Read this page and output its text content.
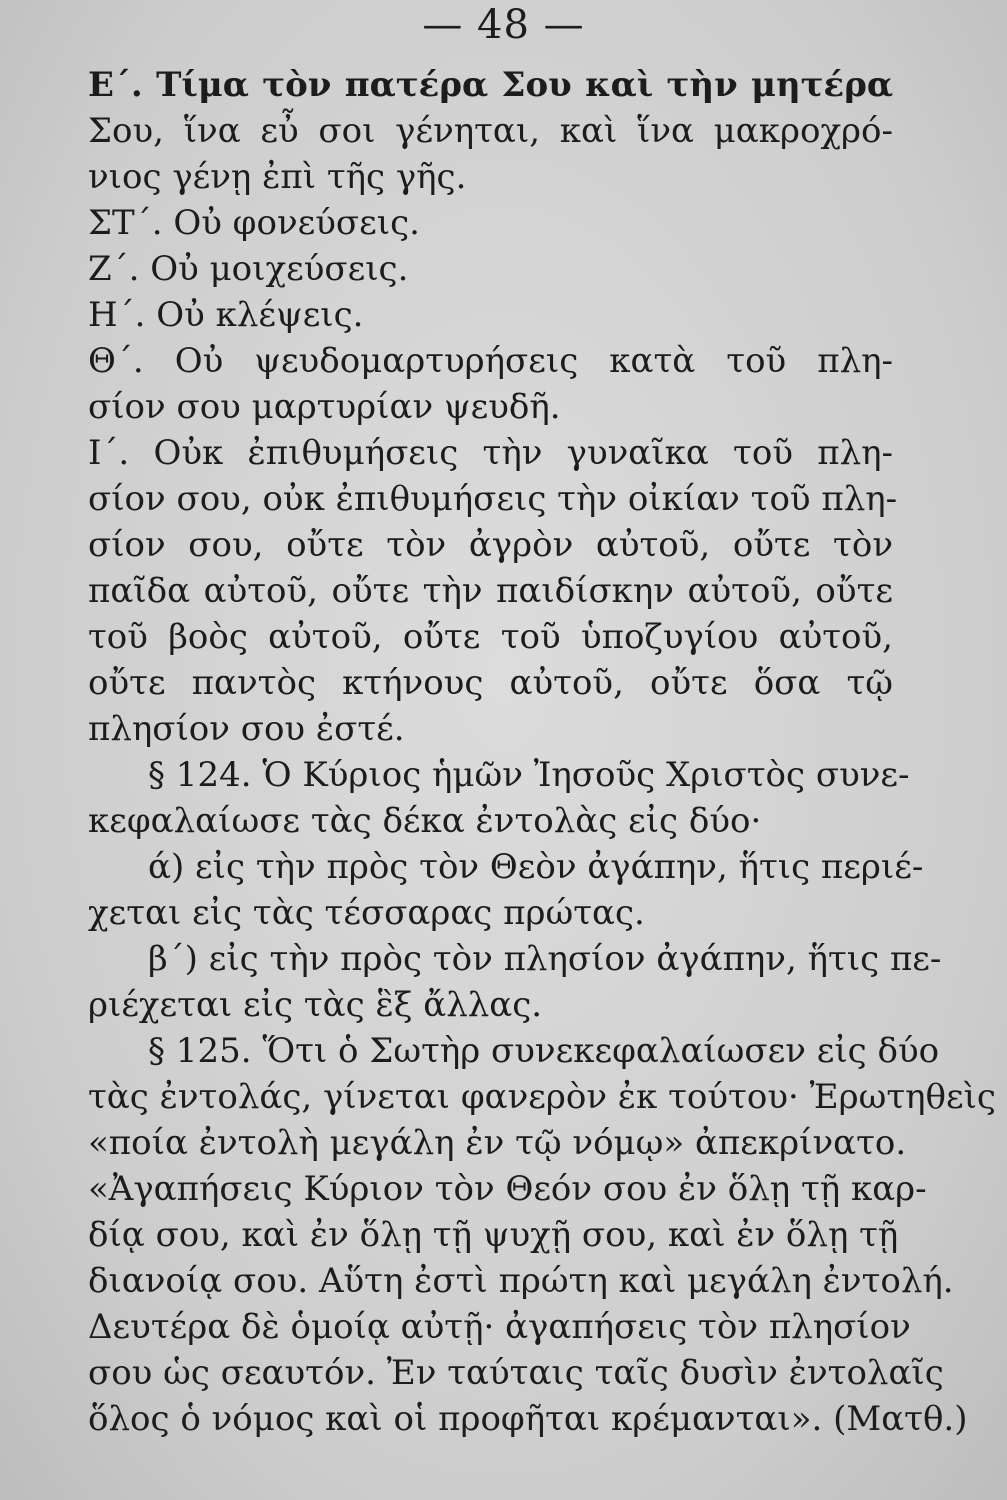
— 48 —
Ε΄. Τίμα τὸν πατέρα Σου καὶ τὴν μητέρα
Σου, ἵνα εὖ σοι γένηται, καὶ ἵνα μακροχρό-
νιος γένῃ ἐπὶ τῆς γῆς.
ΣΤ΄. Οὐ φονεύσεις.
Ζ΄. Οὐ μοιχεύσεις.
Η΄. Οὐ κλέψεις.
Θ΄. Οὐ ψευδομαρτυρήσεις κατὰ τοῦ πλη-
σίον σου μαρτυρίαν ψευδῆ.
Ι΄. Οὐκ ἐπιθυμήσεις τὴν γυναῖκα τοῦ πλη-
σίον σου, οὐκ ἐπιθυμήσεις τὴν οἰκίαν τοῦ πλη-
σίον σου, οὔτε τὸν ἀγρὸν αὐτοῦ, οὔτε τὸν
παῖδα αὐτοῦ, οὔτε τὴν παιδίσκην αὐτοῦ, οὔτε
τοῦ βοὸς αὐτοῦ, οὔτε τοῦ ὑποζυγίου αὐτοῦ,
οὔτε παντὸς κτήνους αὐτοῦ, οὔτε ὅσα τῷ
πλησίον σου ἐστέ.
§ 124. Ὁ Κύριος ἡμῶν Ἰησοῦς Χριστὸς συνε-
κεφαλαίωσε τὰς δέκα ἐντολὰς εἰς δύο·
ά) εἰς τὴν πρὸς τὸν Θεὸν ἀγάπην, ἥτις περιέ-
χεται εἰς τὰς τέσσαρας πρώτας.
β΄) εἰς τὴν πρὸς τὸν πλησίον ἀγάπην, ἥτις πε-
ριέχεται εἰς τὰς ἓξ ἄλλας.
§ 125. Ὅτι ὁ Σωτὴρ συνεκεφαλαίωσεν εἰς δύο
τὰς ἐντολάς, γίνεται φανερὸν ἐκ τούτου· Ἐρωτηθεὶς
«ποία ἐντολὴ μεγάλη ἐν τῷ νόμῳ» ἀπεκρίνατο.
«Ἀγαπήσεις Κύριον τὸν Θεόν σου ἐν ὅλῃ τῇ καρ-
δίᾳ σου, καὶ ἐν ὅλῃ τῇ ψυχῇ σου, καὶ ἐν ὅλῃ τῇ
διανοίᾳ σου. Αὕτη ἐστὶ πρώτη καὶ μεγάλη ἐντολή.
Δευτέρα δὲ ὁμοίᾳ αὐτῇ· ἀγαπήσεις τὸν πλησίον
σου ὡς σεαυτόν. Ἐν ταύταις ταῖς δυσὶν ἐντολαῖς
ὅλος ὁ νόμος καὶ οἱ προφῆται κρέμανται». (Ματθ.)
